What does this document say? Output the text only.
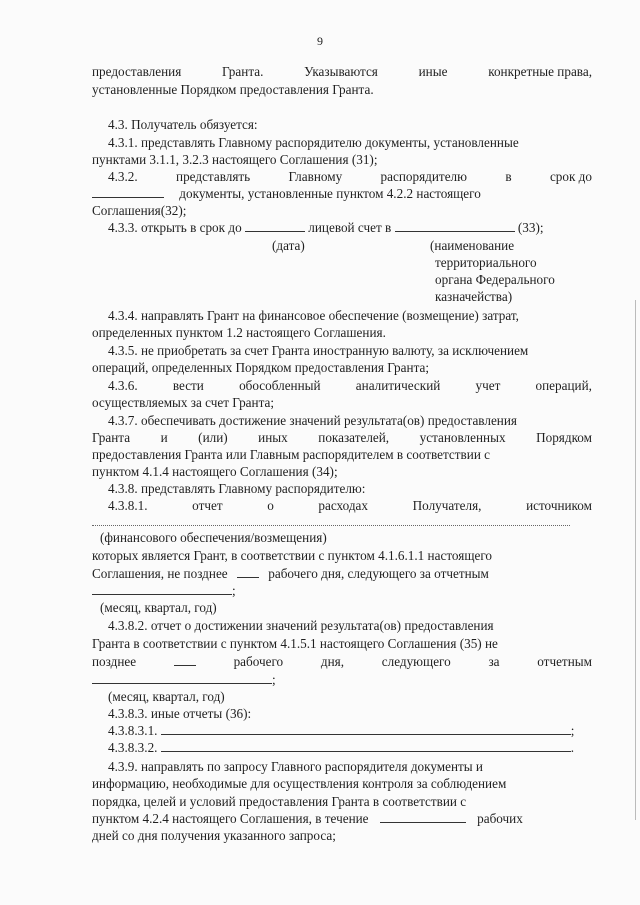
9
предоставления	Гранта.	Указываются	иные	конкретные права,
установленные Порядком предоставления Гранта.
4.3. Получатель обязуется:
4.3.1. представлять Главному распорядителю документы, установленные
пунктами 3.1.1, 3.2.3 настоящего Соглашения (31);
4.3.2.	представлять	Главному	распорядителю	в	срок до
документы, установленные пунктом 4.2.2 настоящего
Соглашения(32);
4.3.3. открыть в срок до	лицевой счет в	(33);
(дата)	(наименование
территориального
органа Федерального
казначейства)
4.3.4. направлять Грант на финансовое обеспечение (возмещение) затрат,
определенных пунктом 1.2 настоящего Соглашения.
4.3.5. не приобретать за счет Гранта иностранную валюту, за исключением
операций, определенных Порядком предоставления Гранта;
4.3.6.	вести	обособленный	аналитический	учет	операций,
осуществляемых за счет Гранта;
4.3.7. обеспечивать достижение значений результата(ов) предоставления
Гранта и (или) иных показателей, установленных Порядком
предоставления Гранта или Главным распорядителем в соответствии с
пунктом 4.1.4 настоящего Соглашения (34);
4.3.8. представлять Главному распорядителю:
4.3.8.1.	отчет	о	расходах	Получателя,	источником
(финансового обеспечения/возмещения)
которых является Грант, в соответствии с пунктом 4.1.6.1.1 настоящего
Соглашения, не позднее	рабочего дня, следующего за отчетным
;
(месяц, квартал, год)
4.3.8.2. отчет о достижении значений результата(ов) предоставления
Гранта в соответствии с пунктом 4.1.5.1 настоящего Соглашения (35) не
позднее	рабочего	дня,	следующего	за	отчетным
;
(месяц, квартал, год)
4.3.8.3. иные отчеты (36):
4.3.8.3.1.	;
4.3.8.3.2.	.
4.3.9. направлять по запросу Главного распорядителя документы и
информацию, необходимые для осуществления контроля за соблюдением
порядка, целей и условий предоставления Гранта в соответствии с
пунктом 4.2.4 настоящего Соглашения, в течение	рабочих
дней со дня получения указанного запроса;
